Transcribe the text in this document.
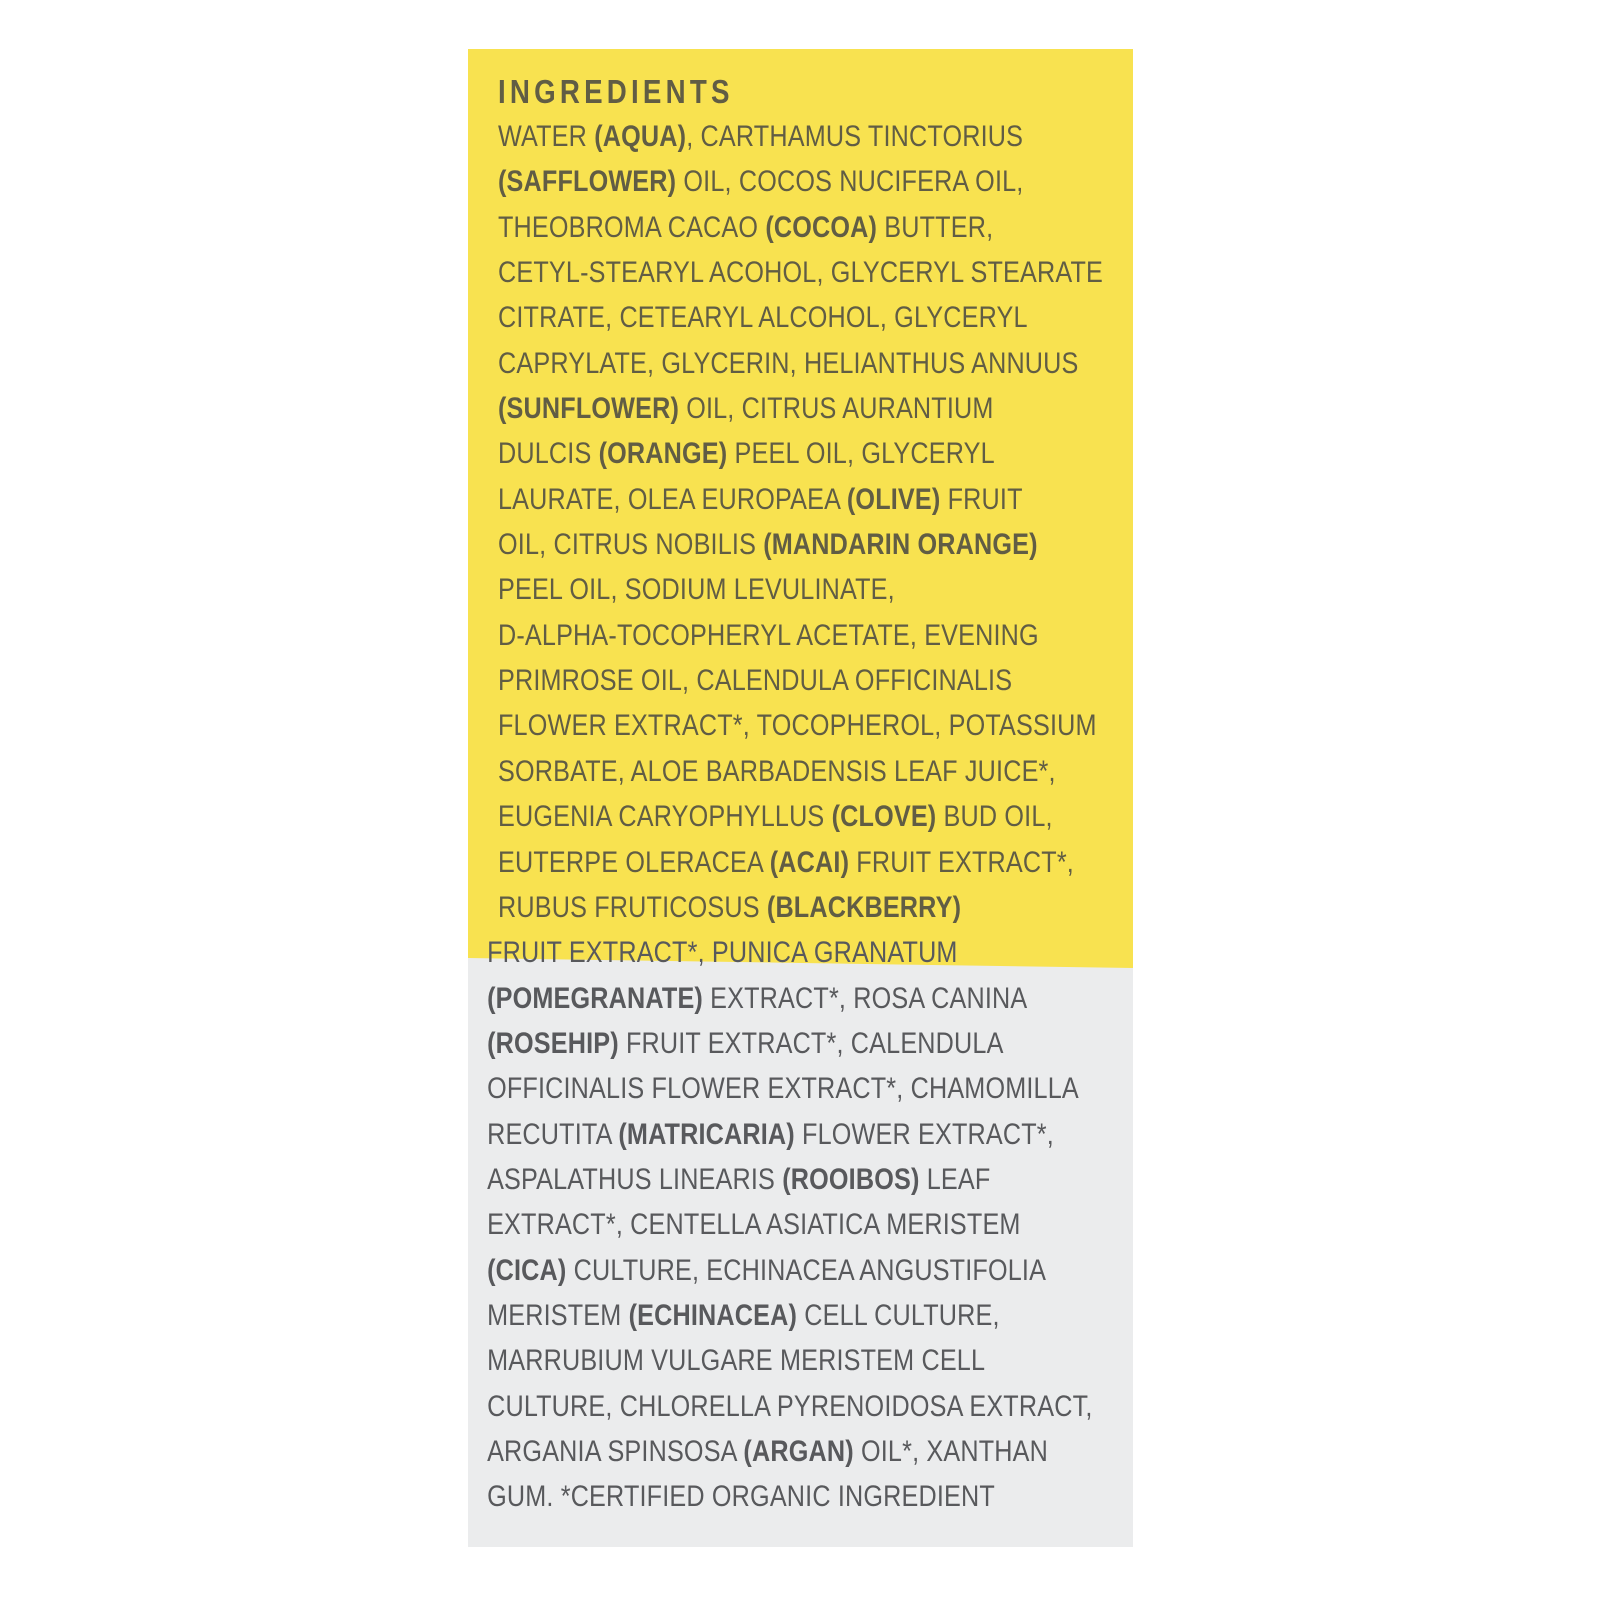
INGREDIENTS
WATER (AQUA), CARTHAMUS TINCTORIUS
(SAFFLOWER) OIL, COCOS NUCIFERA OIL,
THEOBROMA CACAO (COCOA) BUTTER,
CETYL-STEARYL ACOHOL, GLYCERYL STEARATE
CITRATE, CETEARYL ALCOHOL, GLYCERYL
CAPRYLATE, GLYCERIN, HELIANTHUS ANNUUS
(SUNFLOWER) OIL, CITRUS AURANTIUM
DULCIS (ORANGE) PEEL OIL, GLYCERYL
LAURATE, OLEA EUROPAEA (OLIVE) FRUIT
OIL, CITRUS NOBILIS (MANDARIN ORANGE)
PEEL OIL, SODIUM LEVULINATE,
D-ALPHA-TOCOPHERYL ACETATE, EVENING
PRIMROSE OIL, CALENDULA OFFICINALIS
FLOWER EXTRACT*, TOCOPHEROL, POTASSIUM
SORBATE, ALOE BARBADENSIS LEAF JUICE*,
EUGENIA CARYOPHYLLUS (CLOVE) BUD OIL,
EUTERPE OLERACEA (ACAI) FRUIT EXTRACT*,
RUBUS FRUTICOSUS (BLACKBERRY)
FRUIT EXTRACT*, PUNICA GRANATUM
(POMEGRANATE) EXTRACT*, ROSA CANINA
(ROSEHIP) FRUIT EXTRACT*, CALENDULA
OFFICINALIS FLOWER EXTRACT*, CHAMOMILLA
RECUTITA (MATRICARIA) FLOWER EXTRACT*,
ASPALATHUS LINEARIS (ROOIBOS) LEAF
EXTRACT*, CENTELLA ASIATICA MERISTEM
(CICA) CULTURE, ECHINACEA ANGUSTIFOLIA
MERISTEM (ECHINACEA) CELL CULTURE,
MARRUBIUM VULGARE MERISTEM CELL
CULTURE, CHLORELLA PYRENOIDOSA EXTRACT,
ARGANIA SPINSOSA (ARGAN) OIL*, XANTHAN
GUM. *CERTIFIED ORGANIC INGREDIENT
